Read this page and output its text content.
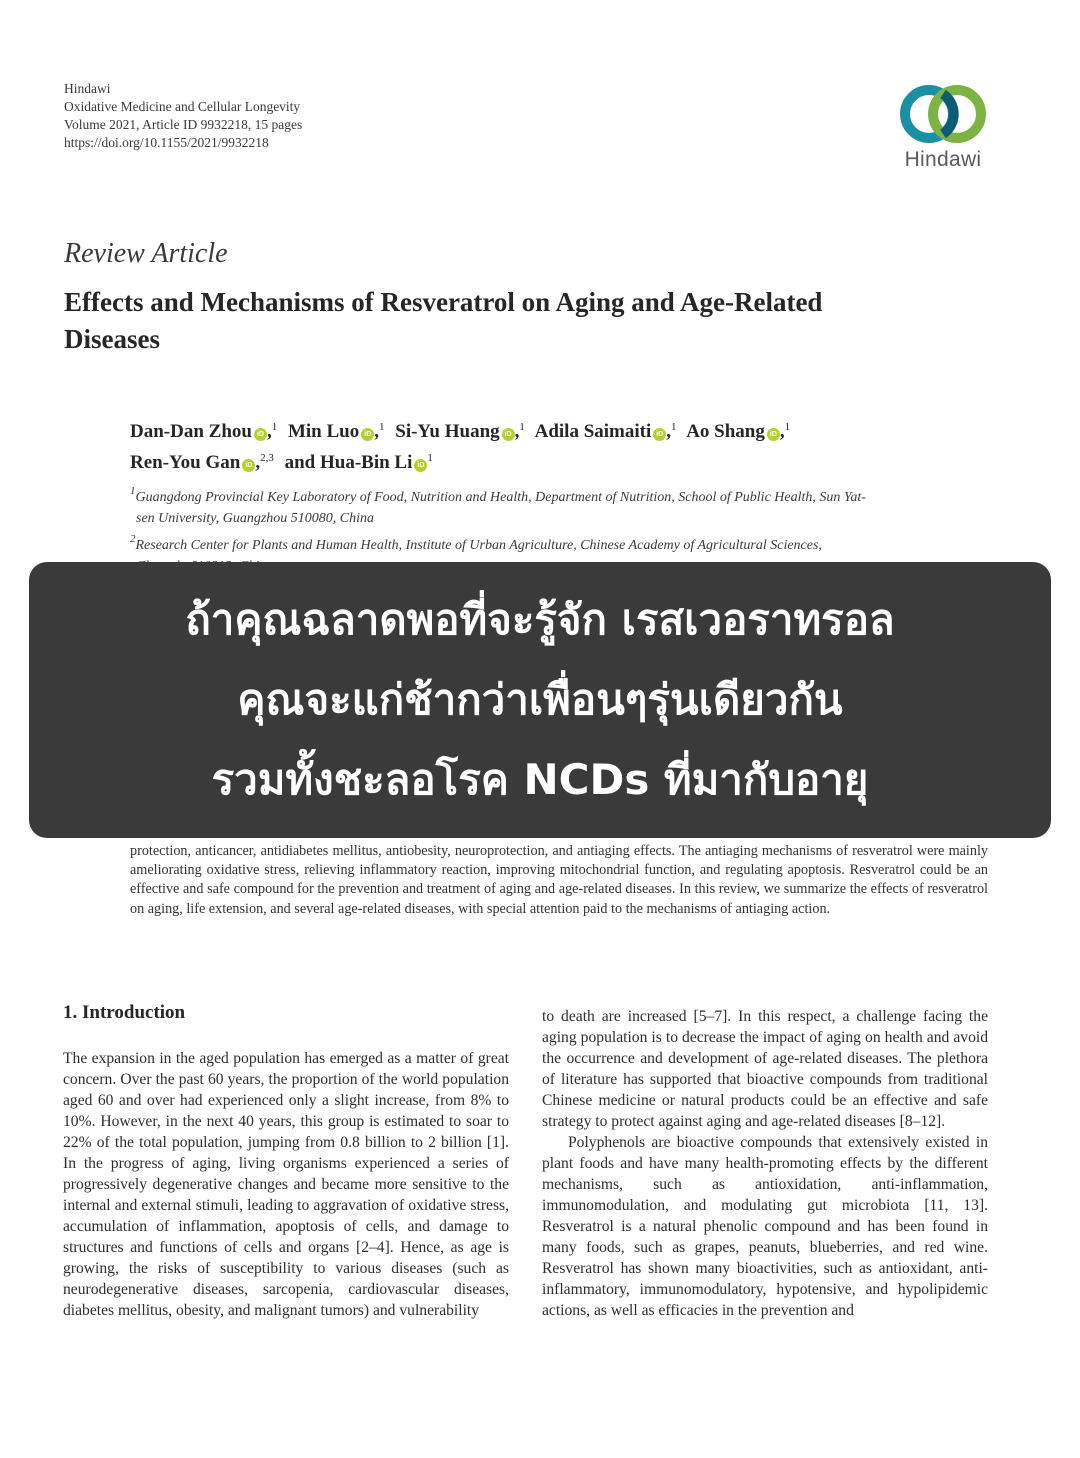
Hindawi
Oxidative Medicine and Cellular Longevity
Volume 2021, Article ID 9932218, 15 pages
https://doi.org/10.1155/2021/9932218
Hindawi
Review Article
Effects and Mechanisms of Resveratrol on Aging and Age-Related Diseases
Dan-Dan Zhou iD ,$^1$ Min Luo iD ,$^1$ Si-Yu Huang iD ,$^1$ Adila Saimaiti iD ,$^1$ Ao Shang iD ,$^1$
Ren-You Gan iD ,$^{2,3}$ and Hua-Bin Li $iD^1$

$^1$Guangdong Provincial Key Laboratory of Food, Nutrition and Health, Department of Nutrition, School of Public Health, Sun Yat-

sen University, Guangzhou 510080, China

$^2$Research Center for Plants and Human Health, Institute of Urban Agriculture, Chinese Academy of Agricultural Sciences,

protection, anticancer, antidiabetes mellitus, antiobesity, neuroprotection, and antiaging effects. The antiaging mechanisms of resveratrol were mainly ameliorating oxidative stress, relieving inflammatory reaction, improving mitochondrial function, and regulating apoptosis. Resveratrol could be an effective and safe compound for the prevention and treatment of aging and age-related diseases. In this review, we summarize the effects of resveratrol on aging, life extension, and several age-related diseases, with special attention paid to the mechanisms of antiaging action.
1. Introduction

The expansion in the aged population has emerged as a matter of great concern. Over the past 60 years, the proportion of the world population aged 60 and over had experienced only a slight increase, from 8% to 10%. However, in the next 40 years, this group is estimated to soar to 22% of the total population, jumping from 0.8 billion to 2 billion [1]. In the progress of aging, living organisms experienced a series of progressively degenerative changes and became more sensitive to the internal and external stimuli, leading to aggravation of oxidative stress, accumulation of inflammation, apoptosis of cells, and damage to structures and functions of cells and organs [2–4]. Hence, as age is growing, the risks of susceptibility to various diseases (such as neurodegenerative diseases, sarcopenia, cardiovascular diseases, diabetes mellitus, obesity, and malignant tumors) and vulnerability

to death are increased [5–7]. In this respect, a challenge facing the aging population is to decrease the impact of aging on health and avoid the occurrence and development of age-related diseases. The plethora of literature has supported that bioactive compounds from traditional Chinese medicine or natural products could be an effective and safe strategy to protect against aging and age-related diseases [8–12].

Polyphenols are bioactive compounds that extensively existed in plant foods and have many health-promoting effects by the different mechanisms, such as antioxidation, anti-inflammation, immunomodulation, and modulating gut microbiota [11, 13]. Resveratrol is a natural phenolic compound and has been found in many foods, such as grapes, peanuts, blueberries, and red wine. Resveratrol has shown many bioactivities, such as antioxidant, anti-inflammatory, immunomodulatory, hypotensive, and hypolipidemic actions, as well as efficacies in the prevention and

ถ้าคุณฉลาดพอที่จะรู้จัก เรสเวอราทรอล
คุณจะแก่ช้ากว่าเพื่อนๆรุ่นเดียวกัน
รวมทั้งชะลอโรค NCDs ที่มากับอายุ
